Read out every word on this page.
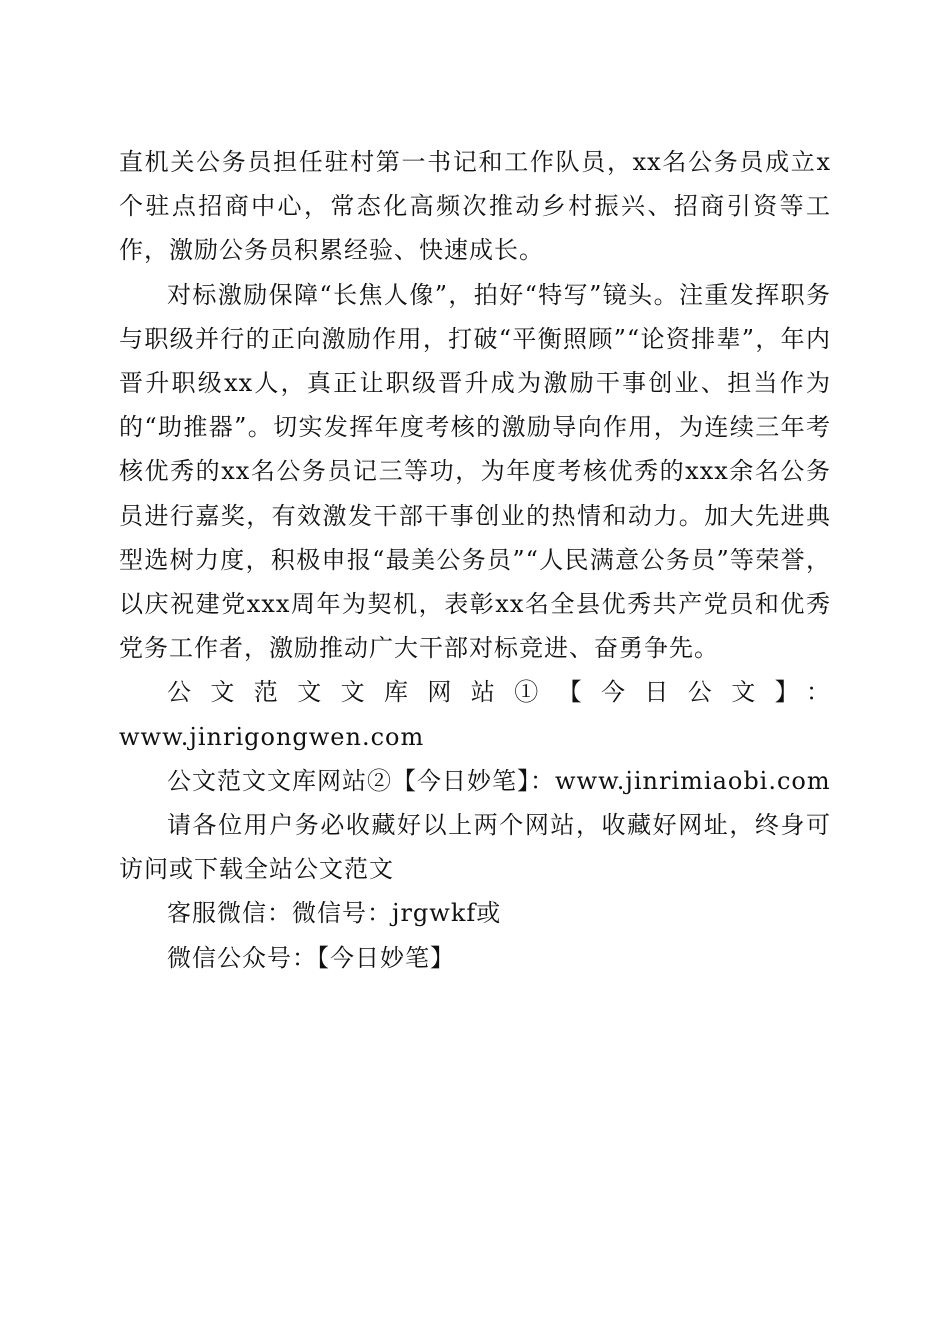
直机关公务员担任驻村第一书记和工作队员，xx名公务员成立x个驻点招商中心，常态化高频次推动乡村振兴、招商引资等工作，激励公务员积累经验、快速成长。

对标激励保障“长焦人像”，拍好“特写”镜头。注重发挥职务与职级并行的正向激励作用，打破“平衡照顾”“论资排辈”，年内晋升职级xx人，真正让职级晋升成为激励干事创业、担当作为的“助推器”。切实发挥年度考核的激励导向作用，为连续三年考核优秀的xx名公务员记三等功，为年度考核优秀的xxx余名公务员进行嘉奖，有效激发干部干事创业的热情和动力。加大先进典型选树力度，积极申报“最美公务员”“人民满意公务员”等荣誉，以庆祝建党xxx周年为契机，表彰xx名全县优秀共产党员和优秀党务工作者，激励推动广大干部对标竞进、奋勇争先。

公文范文文库网站①【今日公文】：

www.jinrigongwen.com

公文范文文库网站②【今日妙笔】：www.jinrimiaobi.com

请各位用户务必收藏好以上两个网站，收藏好网址，终身可访问或下载全站公文范文

客服微信：微信号：jrgwkf或

微信公众号：【今日妙笔】
